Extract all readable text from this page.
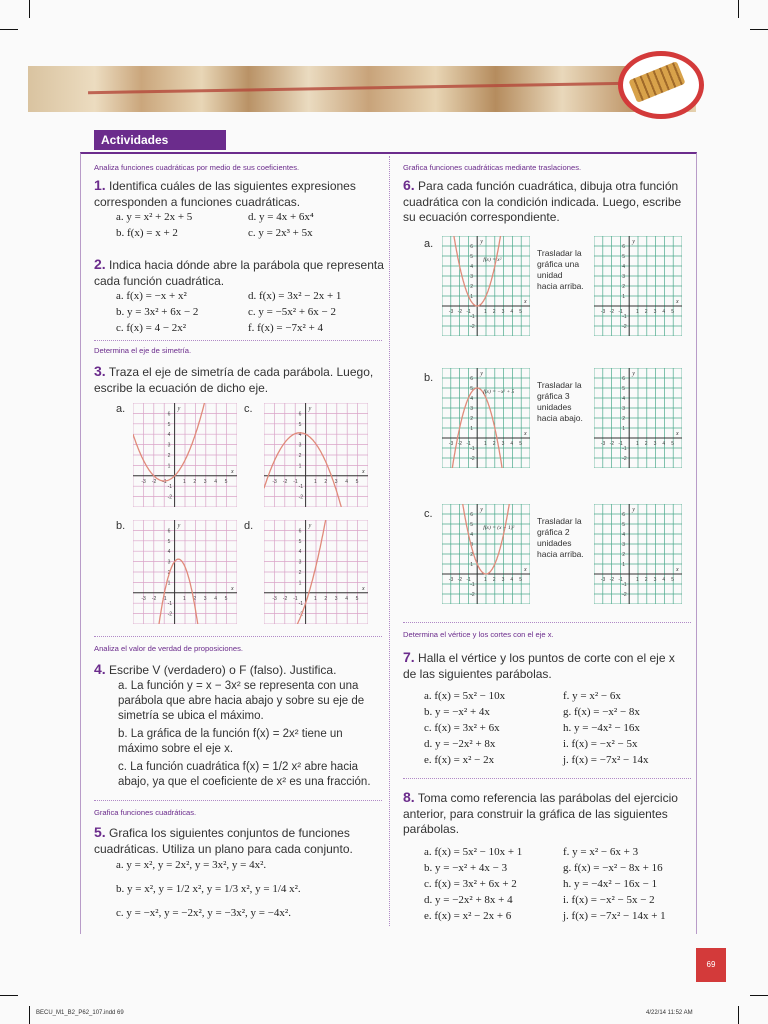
Actividades
Analiza funciones cuadráticas por medio de sus coeficientes.
1. Identifica cuáles de las siguientes expresiones corresponden a funciones cuadráticas.
a. y = x² + 2x + 5	d. y = 4x + 6x⁴
b. f(x) = x + 2	c. y = 2x³ + 5x
2. Indica hacia dónde abre la parábola que representa cada función cuadrática.
a. f(x) = −x + x²	d. f(x) = 3x² − 2x + 1
b. y = 3x² + 6x − 2	c. y = −5x² + 6x − 2
c. f(x) = 4 − 2x²	f. f(x) = −7x² + 4
Determina el eje de simetría.
3. Traza el eje de simetría de cada parábola. Luego, escribe la ecuación de dicho eje.
a.	c.
b.	d.
x
y
-3 -2 -1	1 2 3 4 5
-2
-1
1
2
3
4
5
6
x
y
-3 -2 -1	1 2 3 4 5
-2
-1
1
2
3
4
5
6
x
y
-3 -2 -1	1 2 3 4 5
-2
-1
1
2
3
4
5
6
x
y
-3 -2 -1	1 2 3 4 5
-2
-1
1
2
3
4
5
6
Analiza el valor de verdad de proposiciones.
4. Escribe V (verdadero) o F (falso). Justifica.
a. La función y = x − 3x² se representa con una parábola que abre hacia abajo y sobre su eje de simetría se ubica el máximo.
b. La gráfica de la función f(x) = 2x² tiene un máximo sobre el eje x.
c. La función cuadrática f(x) = 1/2 x² abre hacia abajo, ya que el coeficiente de x² es una fracción.
Grafica funciones cuadráticas.
5. Grafica los siguientes conjuntos de funciones cuadráticas. Utiliza un plano para cada conjunto.
a. y = x², y = 2x², y = 3x², y = 4x².
b. y = x², y = 1/2 x², y = 1/3 x², y = 1/4 x².
c. y = −x², y = −2x², y = −3x², y = −4x².
Grafica funciones cuadráticas mediante traslaciones.
6. Para cada función cuadrática, dibuja otra función cuadrática con la condición indicada. Luego, escribe su ecuación correspondiente.
a.
x
y
-3 -2 -1	1 2 3 4 5
-2
-1
1
2
3
4
5
6
f(x) = x²
Trasladar la
gráfica una
unidad
hacia arriba.
x
y
-3 -2 -1	1 2 3 4 5
-2
-1
1
2
3
4
5
6
b.
x
y
-3 -2 -1	1 2 3 4 5
-2
-1
1
2
3
4
5
6
f(x) = −x² + 5
Trasladar la
gráfica 3
unidades
hacia abajo.
x
y
-3 -2 -1	1 2 3 4 5
-2
-1
1
2
3
4
5
6
c.
x
y
-3 -2 -1	1 2 3 4 5
-2
-1
1
2
3
4
5
6
f(x) = (x − 1)²
Trasladar la
gráfica 2
unidades
hacia arriba.
x
y
-3 -2 -1	1 2 3 4 5
-2
-1
1
2
3
4
5
6
Determina el vértice y los cortes con el eje x.
7. Halla el vértice y los puntos de corte con el eje x de las siguientes parábolas.
a. f(x) = 5x² − 10x	f. y = x² − 6x
b. y = −x² + 4x	g. f(x) = −x² − 8x
c. f(x) = 3x² + 6x	h. y = −4x² − 16x
d. y = −2x² + 8x	i. f(x) = −x² − 5x
e. f(x) = x² − 2x	j. f(x) = −7x² − 14x
8. Toma como referencia las parábolas del ejercicio anterior, para construir la gráfica de las siguientes parábolas.
a. f(x) = 5x² − 10x + 1	f. y = x² − 6x + 3
b. y = −x² + 4x − 3	g. f(x) = −x² − 8x + 16
c. f(x) = 3x² + 6x + 2	h. y = −4x² − 16x − 1
d. y = −2x² + 8x + 4	i. f(x) = −x² − 5x − 2
e. f(x) = x² − 2x + 6	j. f(x) = −7x² − 14x + 1
69
BECU_M1_B2_P62_107.indd 69	4/22/14 11:52 AM
